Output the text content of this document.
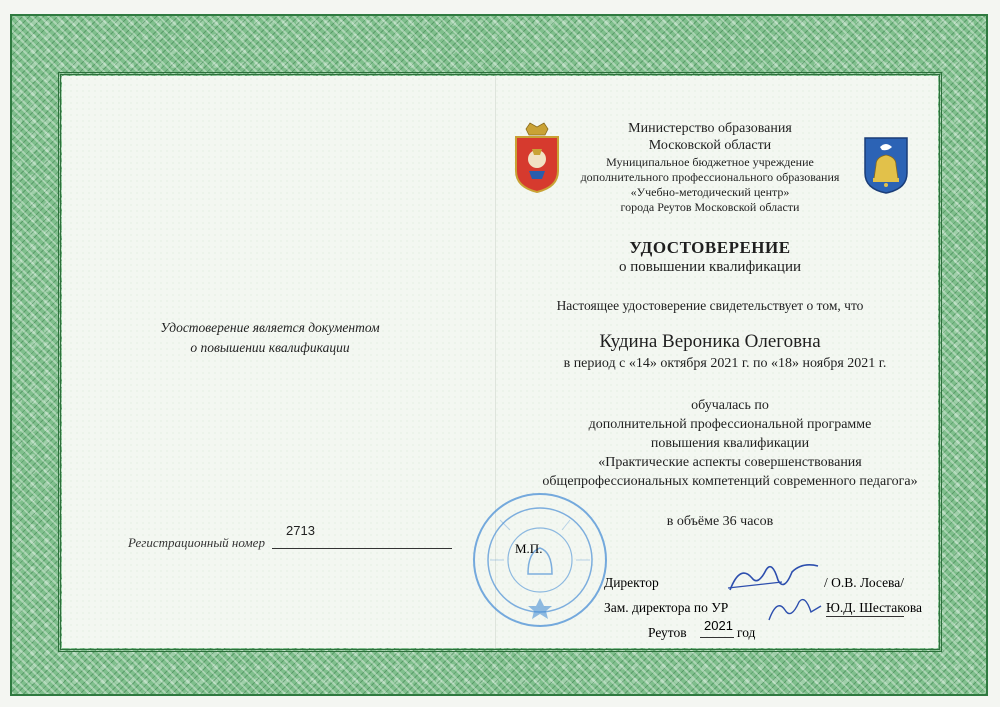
Удостоверение является документом
о повышении квалификации
Регистрационный номер
2713
Министерство образования
Московской области
Муниципальное бюджетное учреждение
дополнительного профессионального образования
«Учебно-методический центр»
города Реутов Московской области
УДОСТОВЕРЕНИЕ
о повышении квалификации
Настоящее удостоверение свидетельствует о том, что
Кудина Вероника Олеговна
в период с «14» октября 2021 г. по «18» ноября 2021 г.
обучалась по
дополнительной профессиональной программе
повышения квалификации
«Практические аспекты совершенствования
общепрофессиональных компетенций современного педагога»
в объёме 36 часов
М.П.
Директор	/ О.В. Лосева/
Зам. директора по УР	Ю.Д. Шестакова
Реутов 2021 год
